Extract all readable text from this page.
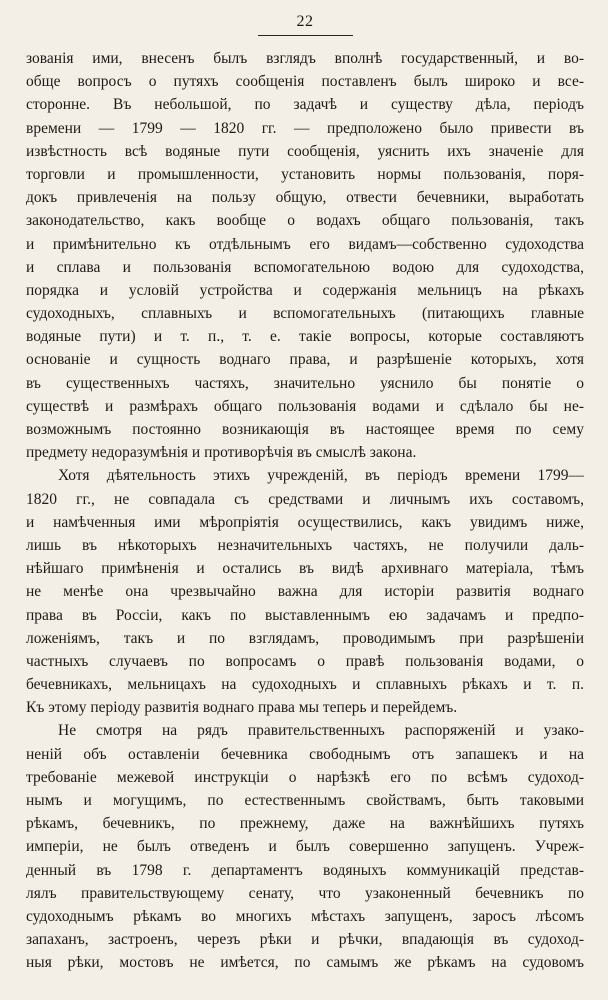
22
зованія ими, внесенъ былъ взглядъ вполнѣ государственный, и во-
обще вопросъ о путяхъ сообщенія поставленъ былъ широко и все-
сторонне. Въ небольшой, по задачѣ и существу дѣла, періодъ
времени — 1799 — 1820 гг. — предположено было привести въ
извѣстность всѣ водяные пути сообщенія, уяснить ихъ значеніе для
торговли и промышленности, установить нормы пользованія, поря-
докъ привлеченія на пользу общую, отвести бечевники, выработать
законодательство, какъ вообще о водахъ общаго пользованія, такъ
и примѣнительно къ отдѣльнымъ его видамъ—собственно судоходства
и сплава и пользованія вспомогательною водою для судоходства,
порядка и условій устройства и содержанія мельницъ на рѣкахъ
судоходныхъ, сплавныхъ и вспомогательныхъ (питающихъ главные
водяные пути) и т. п., т. е. такіе вопросы, которые составляютъ
основаніе и сущность воднаго права, и разрѣшеніе которыхъ, хотя
въ существенныхъ частяхъ, значительно уяснило бы понятіе о
существѣ и размѣрахъ общаго пользованія водами и сдѣлало бы не-
возможнымъ постоянно возникающія въ настоящее время по сему
предмету недоразумѣнія и противорѣчія въ смыслѣ закона.
Хотя дѣятельность этихъ учрежденій, въ періодъ времени 1799—
1820 гг., не совпадала съ средствами и личнымъ ихъ составомъ,
и намѣченныя ими мѣропріятія осуществились, какъ увидимъ ниже,
лишь въ нѣкоторыхъ незначительныхъ частяхъ, не получили даль-
нѣйшаго примѣненія и остались въ видѣ архивнаго матеріала, тѣмъ
не менѣе она чрезвычайно важна для исторіи развитія воднаго
права въ Россіи, какъ по выставленнымъ ею задачамъ и предпо-
ложеніямъ, такъ и по взглядамъ, проводимымъ при разрѣшеніи
частныхъ случаевъ по вопросамъ о правѣ пользованія водами, о
бечевникахъ, мельницахъ на судоходныхъ и сплавныхъ рѣкахъ и т. п.
Къ этому періоду развитія воднаго права мы теперь и перейдемъ.
Не смотря на рядъ правительственныхъ распоряженій и узако-
неній объ оставленіи бечевника свободнымъ отъ запашекъ и на
требованіе межевой инструкціи о нарѣзкѣ его по всѣмъ судоход-
нымъ и могущимъ, по естественнымъ свойствамъ, быть таковыми
рѣкамъ, бечевникъ, по прежнему, даже на важнѣйшихъ путяхъ
имперіи, не былъ отведенъ и былъ совершенно запущенъ. Учреж-
денный въ 1798 г. департаментъ водяныхъ коммуникацій представ-
лялъ правительствующему сенату, что узаконенный бечевникъ по
судоходнымъ рѣкамъ во многихъ мѣстахъ запущенъ, заросъ лѣсомъ
запаханъ, застроенъ, черезъ рѣки и рѣчки, впадающія въ судоход-
ныя рѣки, мостовъ не имѣется, по самымъ же рѣкамъ на судовомъ
